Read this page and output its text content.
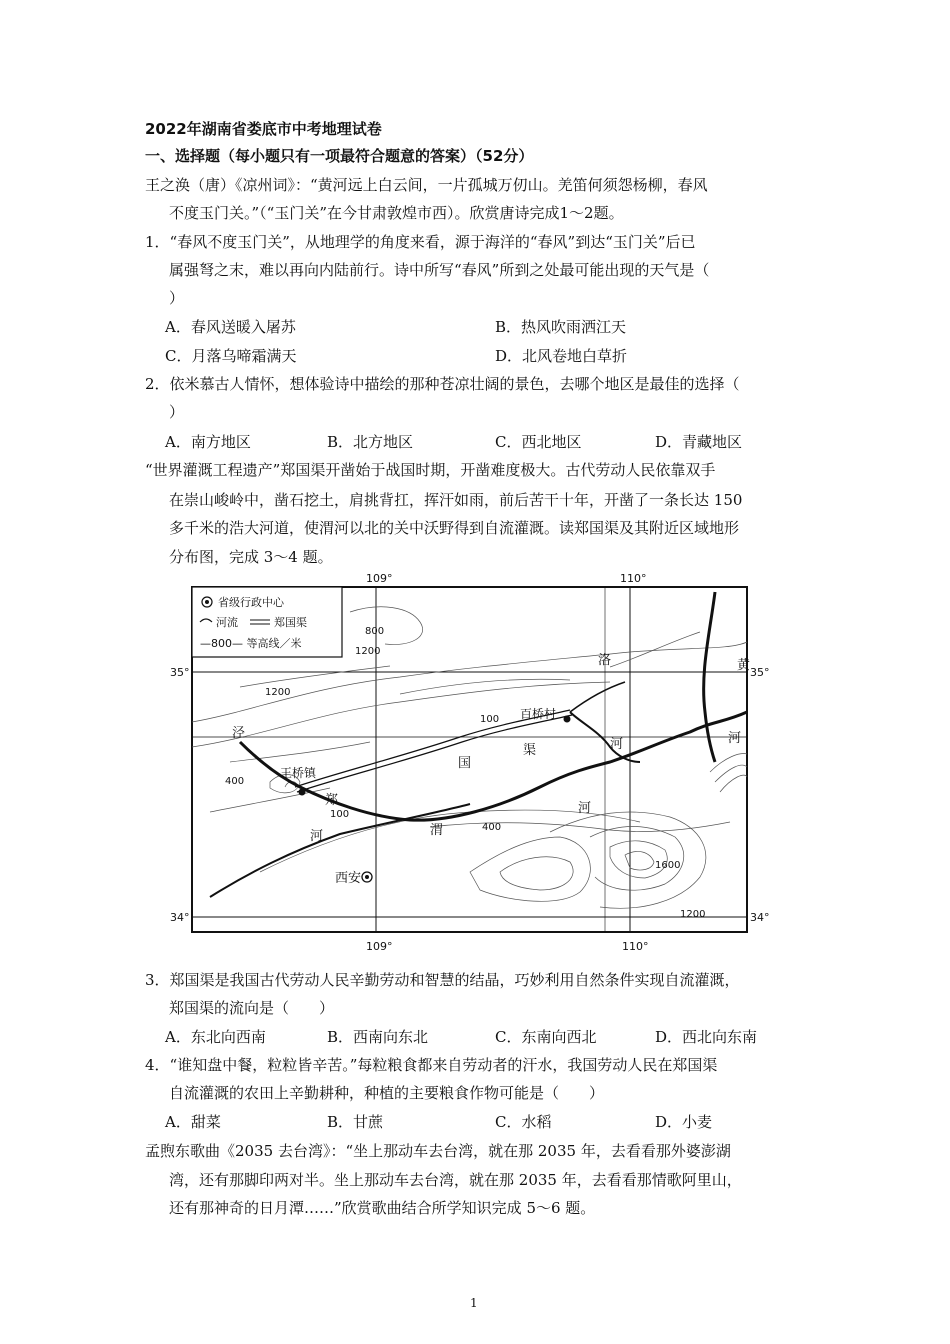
2022年湖南省娄底市中考地理试卷
一、选择题（每小题只有一项最符合题意的答案）（52分）
王之涣（唐）《凉州词》：“黄河远上白云间，一片孤城万仞山。羌笛何须怨杨柳，春风
不度玉门关。”（“玉门关”在今甘肃敦煌市西）。欣赏唐诗完成1～2题。
1．“春风不度玉门关”，从地理学的角度来看，源于海洋的“春风”到达“玉门关”后已
属强弩之末，难以再向内陆前行。诗中所写“春风”所到之处最可能出现的天气是（
）
A．春风送暖入屠苏	B．热风吹雨洒江天
C．月落乌啼霜满天	D．北风卷地白草折
2．依米慕古人情怀，想体验诗中描绘的那种苍凉壮阔的景色，去哪个地区是最佳的选择（
）
A．南方地区	B．北方地区	C．西北地区	D．青藏地区
“世界灌溉工程遗产”郑国渠开凿始于战国时期，开凿难度极大。古代劳动人民依靠双手
在崇山峻岭中，凿石挖土，肩挑背扛，挥汗如雨，前后苦干十年，开凿了一条长达 150
多千米的浩大河道，使渭河以北的关中沃野得到自流灌溉。读郑国渠及其附近区域地形
分布图，完成 3～4 题。
109°	110°
109°	110°
35°	35°
34°	34°
省级行政中心
河流	郑国渠
—800— 等高线／米
西安
王桥镇
百桥村
郑
国
渠
泾
河	渭
河
洛
河
黄
河
1200
1200
1200
800
400
400
100
100
1600
3．郑国渠是我国古代劳动人民辛勤劳动和智慧的结晶，巧妙利用自然条件实现自流灌溉，
郑国渠的流向是（　　）
A．东北向西南	B．西南向东北	C．东南向西北	D．西北向东南
4．“谁知盘中餐，粒粒皆辛苦。”每粒粮食都来自劳动者的汗水，我国劳动人民在郑国渠
自流灌溉的农田上辛勤耕种，种植的主要粮食作物可能是（　　）
A．甜菜	B．甘蔗	C．水稻	D．小麦
孟煦东歌曲《2035 去台湾》：“坐上那动车去台湾，就在那 2035 年，去看看那外婆澎湖
湾，还有那脚印两对半。坐上那动车去台湾，就在那 2035 年，去看看那情歌阿里山，
还有那神奇的日月潭……”欣赏歌曲结合所学知识完成 5～6 题。
1
